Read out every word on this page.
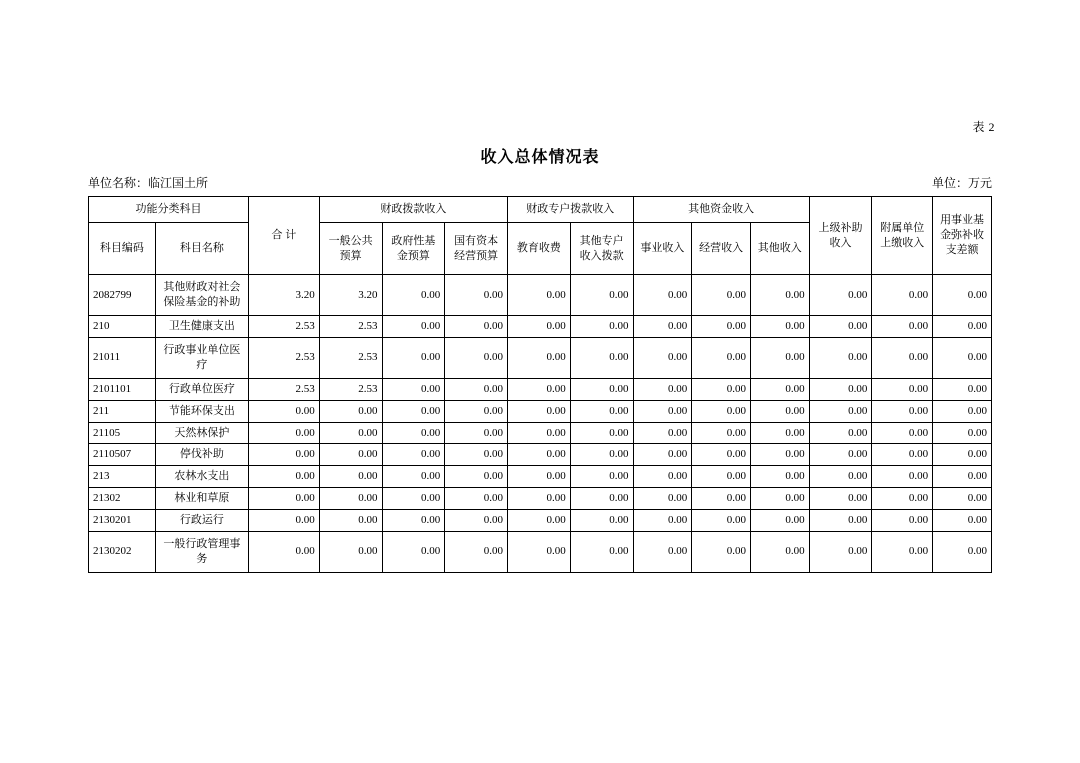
表 2
收入总体情况表
单位名称：临江国土所	单位：万元
功能分类科目		合 计	财政拨款收入			财政专户拨款收入		其他资金收入			上级补助收入	附属单位上缴收入	用事业基金弥补收支差额
科目编码	科目名称		一般公共预算	政府性基金预算	国有资本经营预算	教育收费	其他专户收入拨款	事业收入	经营收入	其他收入			
2082799	其他财政对社会保险基金的补助	3.20	3.20	0.00	0.00	0.00	0.00	0.00	0.00	0.00	0.00	0.00	0.00
210	卫生健康支出	2.53	2.53	0.00	0.00	0.00	0.00	0.00	0.00	0.00	0.00	0.00	0.00
21011	行政事业单位医疗	2.53	2.53	0.00	0.00	0.00	0.00	0.00	0.00	0.00	0.00	0.00	0.00
2101101	行政单位医疗	2.53	2.53	0.00	0.00	0.00	0.00	0.00	0.00	0.00	0.00	0.00	0.00
211	节能环保支出	0.00	0.00	0.00	0.00	0.00	0.00	0.00	0.00	0.00	0.00	0.00	0.00
21105	天然林保护	0.00	0.00	0.00	0.00	0.00	0.00	0.00	0.00	0.00	0.00	0.00	0.00
2110507	停伐补助	0.00	0.00	0.00	0.00	0.00	0.00	0.00	0.00	0.00	0.00	0.00	0.00
213	农林水支出	0.00	0.00	0.00	0.00	0.00	0.00	0.00	0.00	0.00	0.00	0.00	0.00
21302	林业和草原	0.00	0.00	0.00	0.00	0.00	0.00	0.00	0.00	0.00	0.00	0.00	0.00
2130201	行政运行	0.00	0.00	0.00	0.00	0.00	0.00	0.00	0.00	0.00	0.00	0.00	0.00
2130202	一般行政管理事务	0.00	0.00	0.00	0.00	0.00	0.00	0.00	0.00	0.00	0.00	0.00	0.00
